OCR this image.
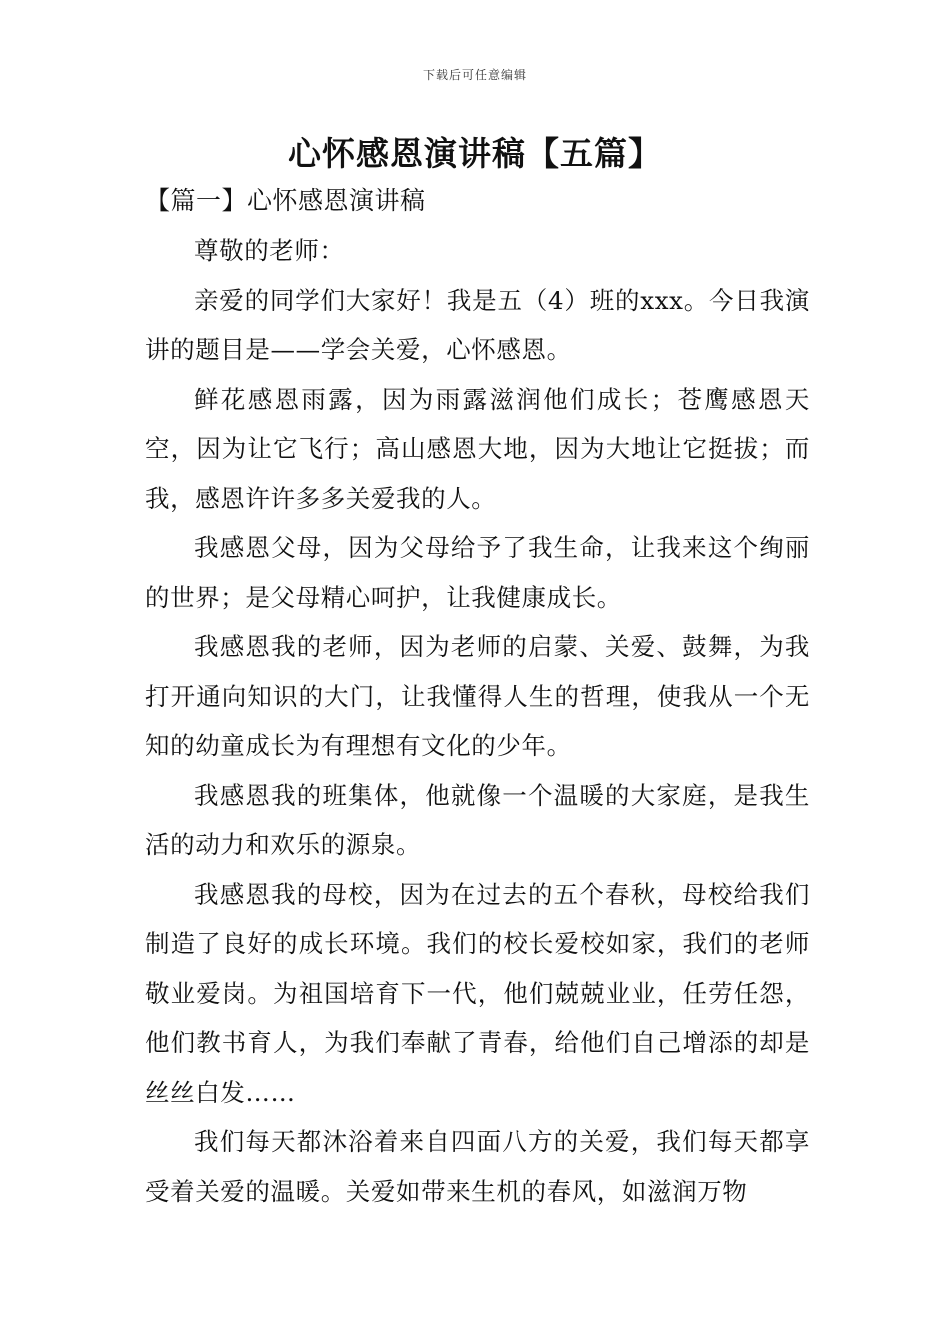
下载后可任意编辑
心怀感恩演讲稿【五篇】
【篇一】心怀感恩演讲稿

尊敬的老师：

亲爱的同学们大家好！我是五（4）班的xxx。今日我演讲的题目是——学会关爱，心怀感恩。

鲜花感恩雨露，因为雨露滋润他们成长；苍鹰感恩天空，因为让它飞行；高山感恩大地，因为大地让它挺拔；而我，感恩许许多多关爱我的人。

我感恩父母，因为父母给予了我生命，让我来这个绚丽的世界；是父母精心呵护，让我健康成长。

我感恩我的老师，因为老师的启蒙、关爱、鼓舞，为我打开通向知识的大门，让我懂得人生的哲理，使我从一个无知的幼童成长为有理想有文化的少年。

我感恩我的班集体，他就像一个温暖的大家庭，是我生活的动力和欢乐的源泉。

我感恩我的母校，因为在过去的五个春秋，母校给我们制造了良好的成长环境。我们的校长爱校如家，我们的老师敬业爱岗。为祖国培育下一代，他们兢兢业业，任劳任怨，他们教书育人，为我们奉献了青春，给他们自己增添的却是丝丝白发……

我们每天都沐浴着来自四面八方的关爱，我们每天都享受着关爱的温暖。关爱如带来生机的春风，如滋润万物
